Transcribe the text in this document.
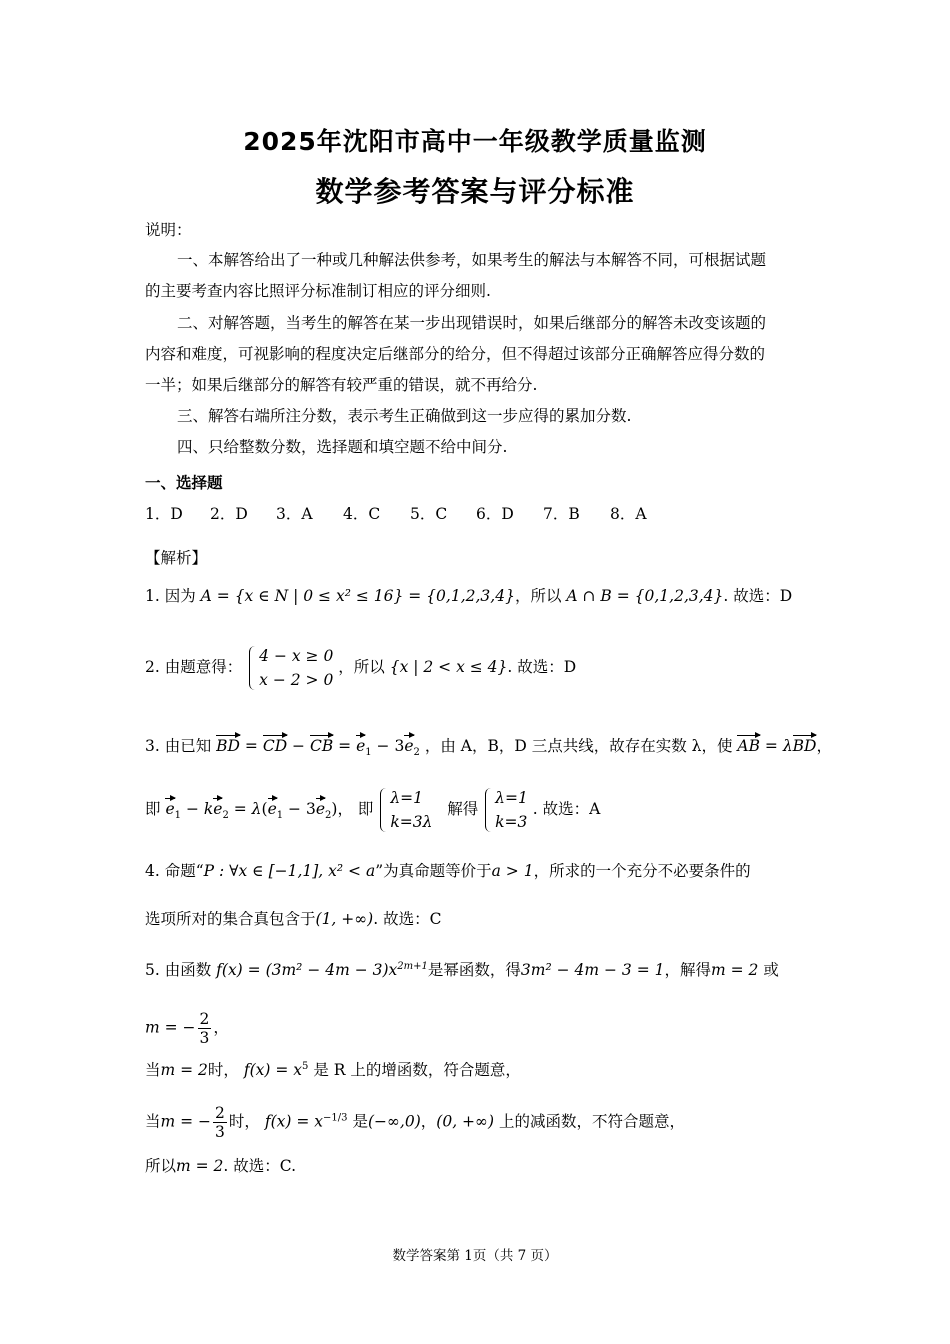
2025年沈阳市高中一年级教学质量监测
数学参考答案与评分标准
说明：
一、本解答给出了一种或几种解法供参考，如果考生的解法与本解答不同，可根据试题
的主要考查内容比照评分标准制订相应的评分细则.
二、对解答题，当考生的解答在某一步出现错误时，如果后继部分的解答未改变该题的
内容和难度，可视影响的程度决定后继部分的给分，但不得超过该部分正确解答应得分数的
一半；如果后继部分的解答有较严重的错误，就不再给分.
三、解答右端所注分数，表示考生正确做到这一步应得的累加分数.
四、只给整数分数，选择题和填空题不给中间分.
一、选择题
1．D 2．D 3．A 4．C 5．C 6．D 7．B 8．A
【解析】
1. 因为 A = {x ∈ N | 0 ≤ x² ≤ 16} = {0,1,2,3,4}，所以 A ∩ B = {0,1,2,3,4}. 故选：D
2. 由题意得：
4 − x ≥ 0
x − 2 > 0
，所以 {x | 2 < x ≤ 4}. 故选：D
3. 由已知 BD = CD − CB = $e_1 - 3e_2$ ，由 A，B，D 三点共线，故存在实数 λ，使 AB = λBD，
即 $e_1 - ke_2 = \lambda(e_1 - 3e_2)$， 即
λ=1
k=3λ
解得
λ=1
k=3
. 故选：A
4. 命题“P : ∀x ∈ [−1,1], x² < a”为真命题等价于a > 1，所求的一个充分不必要条件的
选项所对的集合真包含于(1, +∞). 故选：C
5. 由函数 $f(x) = (3m^2 - 4m - 3)x^{2m+1}$是幂函数，得3m² − 4m − 3 = 1，解得m = 2 或
m = − $\frac{2}{3}$ ，
当m = 2时， $f(x) = x^5$ 是 R 上的增函数，符合题意，
当m = − $\frac{2}{3}$ 时， $f(x) = x^{-1/3}$ 是(−∞,0)，(0, +∞) 上的减函数，不符合题意，
所以m = 2. 故选：C.
数学答案第 1页（共 7 页）
